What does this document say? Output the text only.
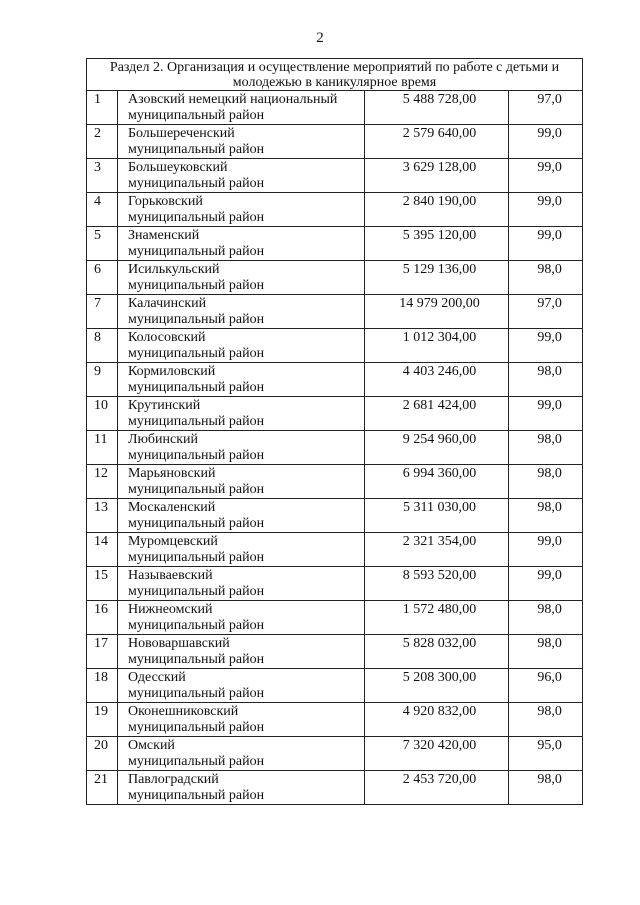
2
Раздел 2. Организация и осуществление мероприятий по работе с детьми и молодежью в каникулярное время			
1	Азовский немецкий национальный
муниципальный район	5 488 728,00	97,0
2	Большереченский
муниципальный район	2 579 640,00	99,0
3	Большеуковский
муниципальный район	3 629 128,00	99,0
4	Горьковский
муниципальный район	2 840 190,00	99,0
5	Знаменский
муниципальный район	5 395 120,00	99,0
6	Исилькульский
муниципальный район	5 129 136,00	98,0
7	Калачинский
муниципальный район	14 979 200,00	97,0
8	Колосовский
муниципальный район	1 012 304,00	99,0
9	Кормиловский
муниципальный район	4 403 246,00	98,0
10	Крутинский
муниципальный район	2 681 424,00	99,0
11	Любинский
муниципальный район	9 254 960,00	98,0
12	Марьяновский
муниципальный район	6 994 360,00	98,0
13	Москаленский
муниципальный район	5 311 030,00	98,0
14	Муромцевский
муниципальный район	2 321 354,00	99,0
15	Называевский
муниципальный район	8 593 520,00	99,0
16	Нижнеомский
муниципальный район	1 572 480,00	98,0
17	Нововаршавский
муниципальный район	5 828 032,00	98,0
18	Одесский
муниципальный район	5 208 300,00	96,0
19	Оконешниковский
муниципальный район	4 920 832,00	98,0
20	Омский
муниципальный район	7 320 420,00	95,0
21	Павлоградский
муниципальный район	2 453 720,00	98,0
